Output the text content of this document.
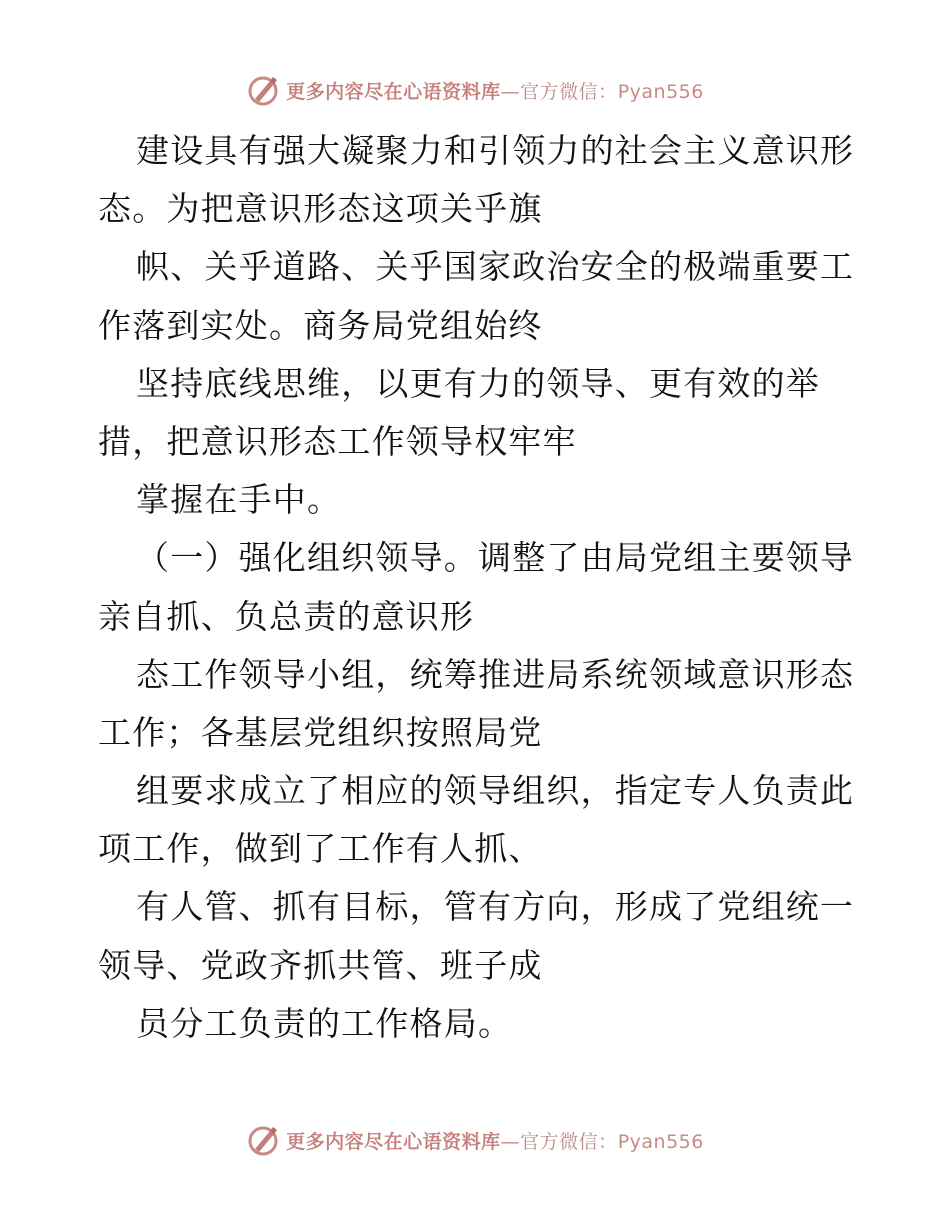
更多内容尽在心语资料库—官方微信：Pyan556
建设具有强大凝聚力和引领力的社会主义意识形
态。为把意识形态这项关乎旗
帜、关乎道路、关乎国家政治安全的极端重要工
作落到实处。商务局党组始终
坚持底线思维，以更有力的领导、更有效的举
措，把意识形态工作领导权牢牢
掌握在手中。
（一）强化组织领导。调整了由局党组主要领导
亲自抓、负总责的意识形
态工作领导小组，统筹推进局系统领域意识形态
工作；各基层党组织按照局党
组要求成立了相应的领导组织，指定专人负责此
项工作，做到了工作有人抓、
有人管、抓有目标，管有方向，形成了党组统一
领导、党政齐抓共管、班子成
员分工负责的工作格局。
更多内容尽在心语资料库—官方微信：Pyan556
